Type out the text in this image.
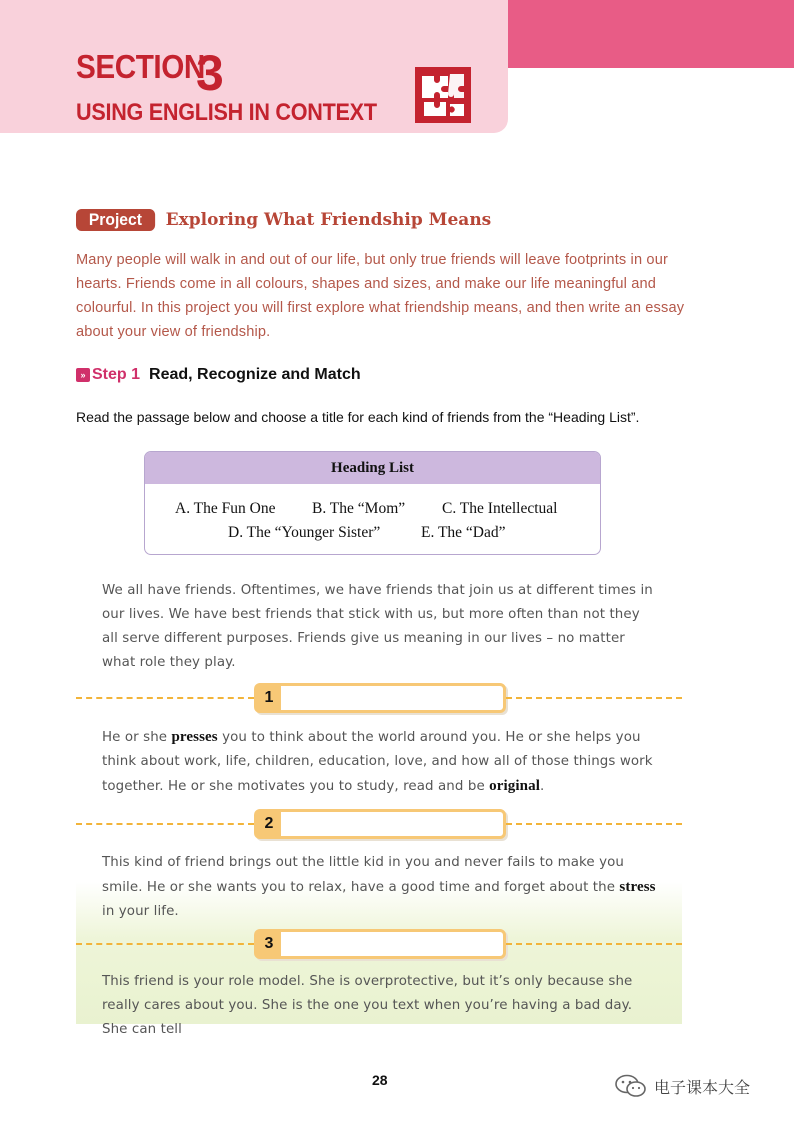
SECTION
3
USING ENGLISH IN CONTEXT
Project	Exploring What Friendship Means

Many people will walk in and out of our life, but only true friends will leave footprints in our hearts. Friends come in all colours, shapes and sizes, and make our life meaningful and colourful. In this project you will first explore what friendship means, and then write an essay about your view of friendship.

» Step 1 Read, Recognize and Match

Read the passage below and choose a title for each kind of friends from the “Heading List”.

Heading List
A. The Fun One B. The “Mom” C. The Intellectual
D. The “Younger Sister”	E. The “Dad”

We all have friends. Oftentimes, we have friends that join us at different times in our lives. We have best friends that stick with us, but more often than not they all serve different purposes. Friends give us meaning in our lives – no matter what role they play.

1

He or she presses you to think about the world around you. He or she helps you think about work, life, children, education, love, and how all of those things work together. He or she motivates you to study, read and be original.

2

This kind of friend brings out the little kid in you and never fails to make you smile. He or she wants you to relax, have a good time and forget about the stress in your life.

3

This friend is your role model. She is overprotective, but it’s only because she really cares about you. She is the one you text when you’re having a bad day. She can tell

28	电子课本大全
